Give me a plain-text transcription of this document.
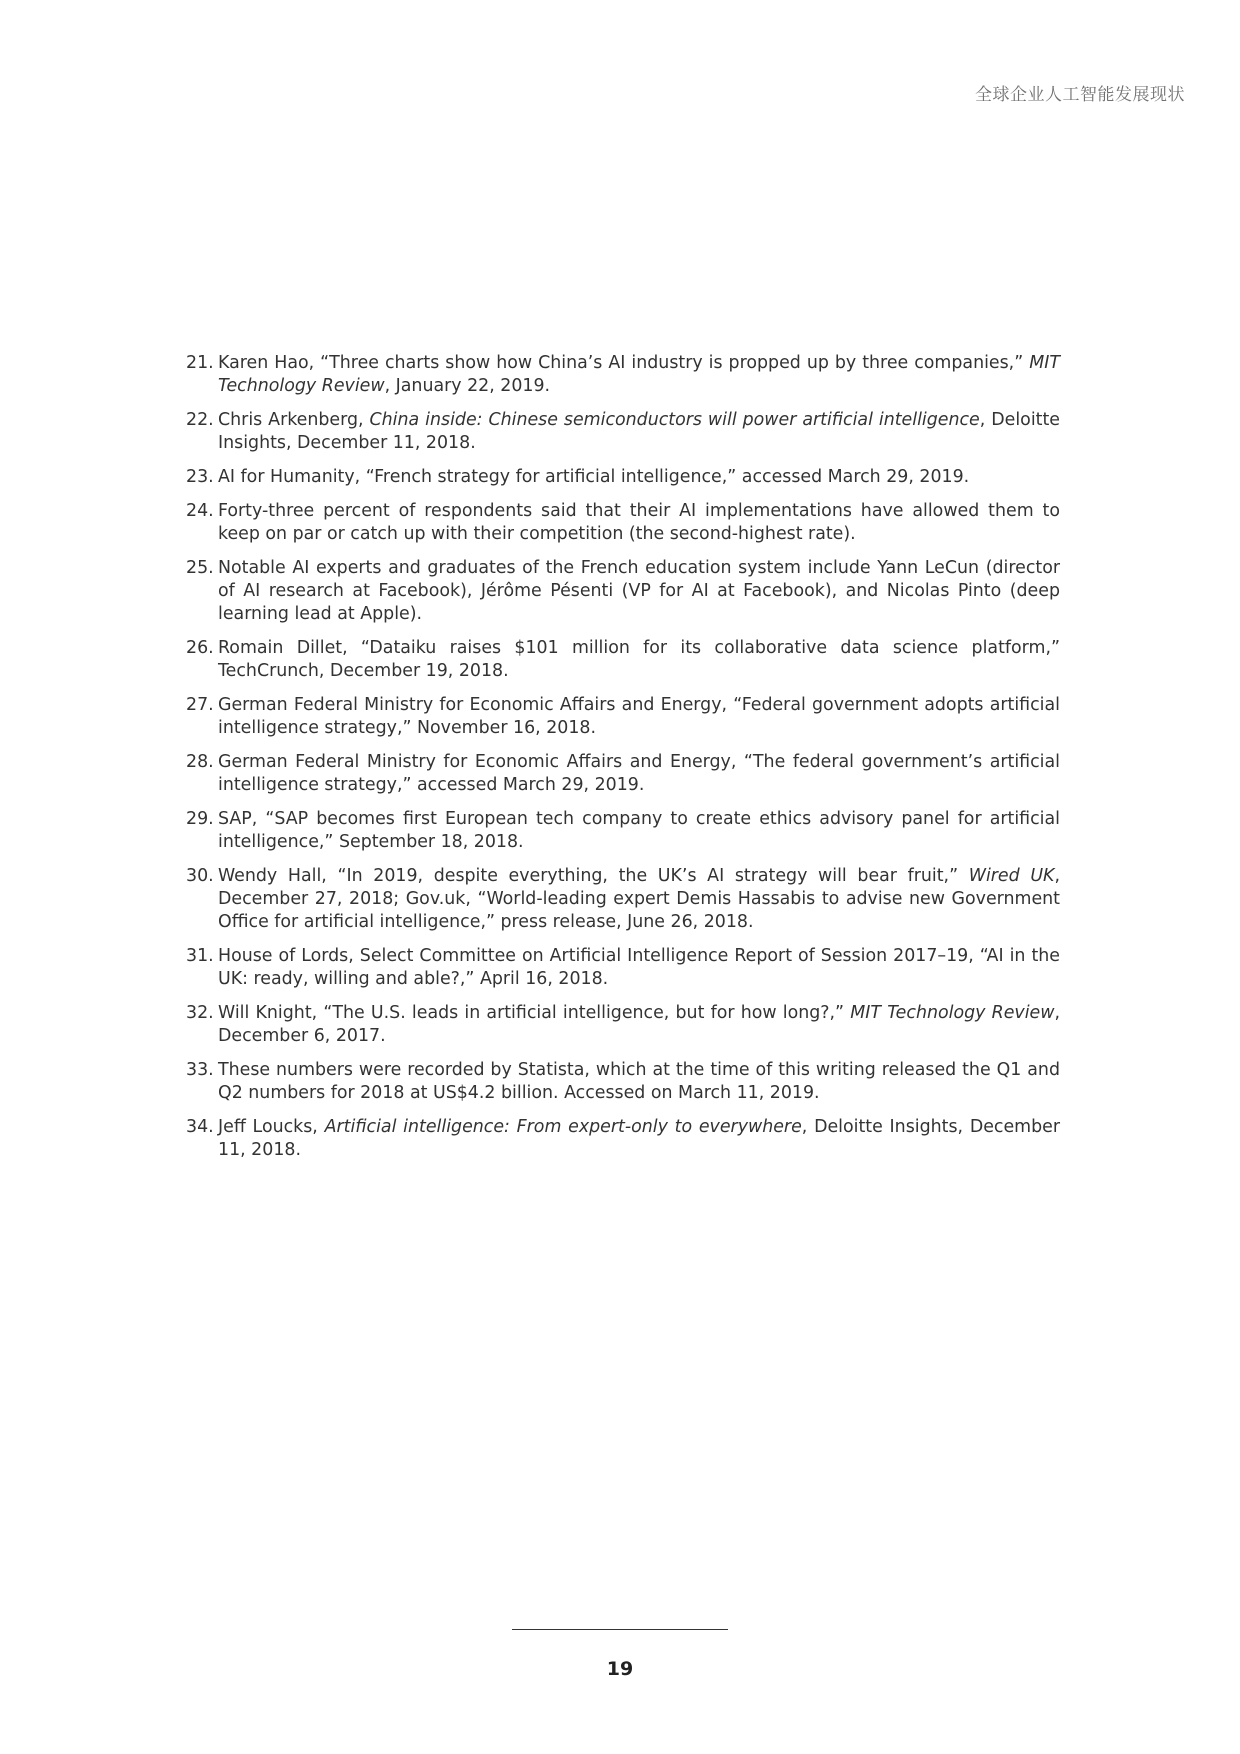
全球企业人工智能发展现状
21. Karen Hao, “Three charts show how China’s AI industry is propped up by three companies,” MIT Technology Review, January 22, 2019.
22. Chris Arkenberg, China inside: Chinese semiconductors will power artificial intelligence, Deloitte Insights, December 11, 2018.
23. AI for Humanity, “French strategy for artificial intelligence,” accessed March 29, 2019.
24. Forty-three percent of respondents said that their AI implementations have allowed them to keep on par or catch up with their competition (the second-highest rate).
25. Notable AI experts and graduates of the French education system include Yann LeCun (director of AI research at Facebook), Jérôme Pésenti (VP for AI at Facebook), and Nicolas Pinto (deep learning lead at Apple).
26. Romain Dillet, “Dataiku raises $101 million for its collaborative data science platform,” TechCrunch, December 19, 2018.
27. German Federal Ministry for Economic Affairs and Energy, “Federal government adopts artificial intelligence strategy,” November 16, 2018.
28. German Federal Ministry for Economic Affairs and Energy, “The federal government’s artificial intelligence strategy,” accessed March 29, 2019.
29. SAP, “SAP becomes first European tech company to create ethics advisory panel for artificial intelligence,” September 18, 2018.
30. Wendy Hall, “In 2019, despite everything, the UK’s AI strategy will bear fruit,” Wired UK, December 27, 2018; Gov.uk, “World-leading expert Demis Hassabis to advise new Government Office for artificial intelligence,” press release, June 26, 2018.
31. House of Lords, Select Committee on Artificial Intelligence Report of Session 2017–19, “AI in the UK: ready, willing and able?,” April 16, 2018.
32. Will Knight, “The U.S. leads in artificial intelligence, but for how long?,” MIT Technology Review, December 6, 2017.
33. These numbers were recorded by Statista, which at the time of this writing released the Q1 and Q2 numbers for 2018 at US$4.2 billion. Accessed on March 11, 2019.
34. Jeff Loucks, Artificial intelligence: From expert-only to everywhere, Deloitte Insights, December 11, 2018.
19
